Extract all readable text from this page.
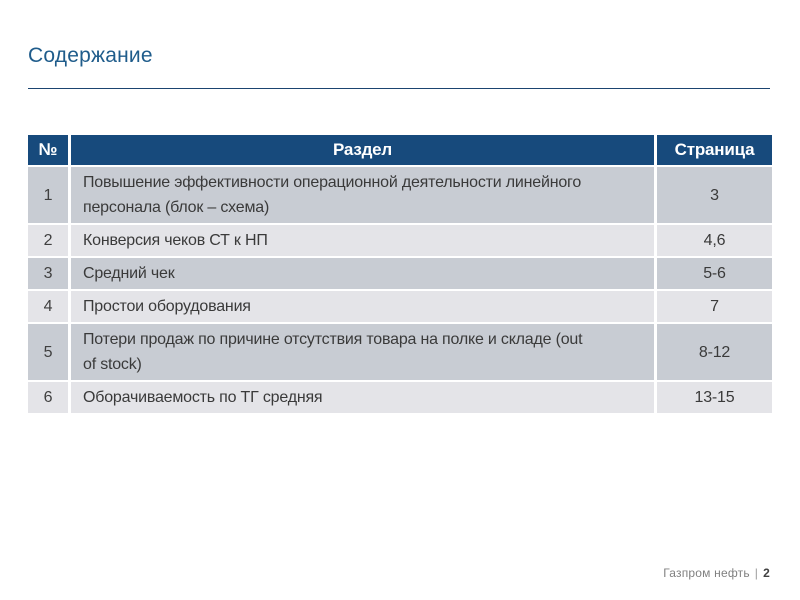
Содержание
№	Раздел	Страница
1	Повышение эффективности операционной деятельности линейного персонала (блок – схема)	3
2	Конверсия чеков СТ к НП	4,6
3	Средний чек	5-6
4	Простои оборудования	7
5	Потери продаж по причине отсутствия товара на полке и складе (out of stock)	8-12
6	Оборачиваемость по ТГ средняя	13-15
Газпром нефть | 2
